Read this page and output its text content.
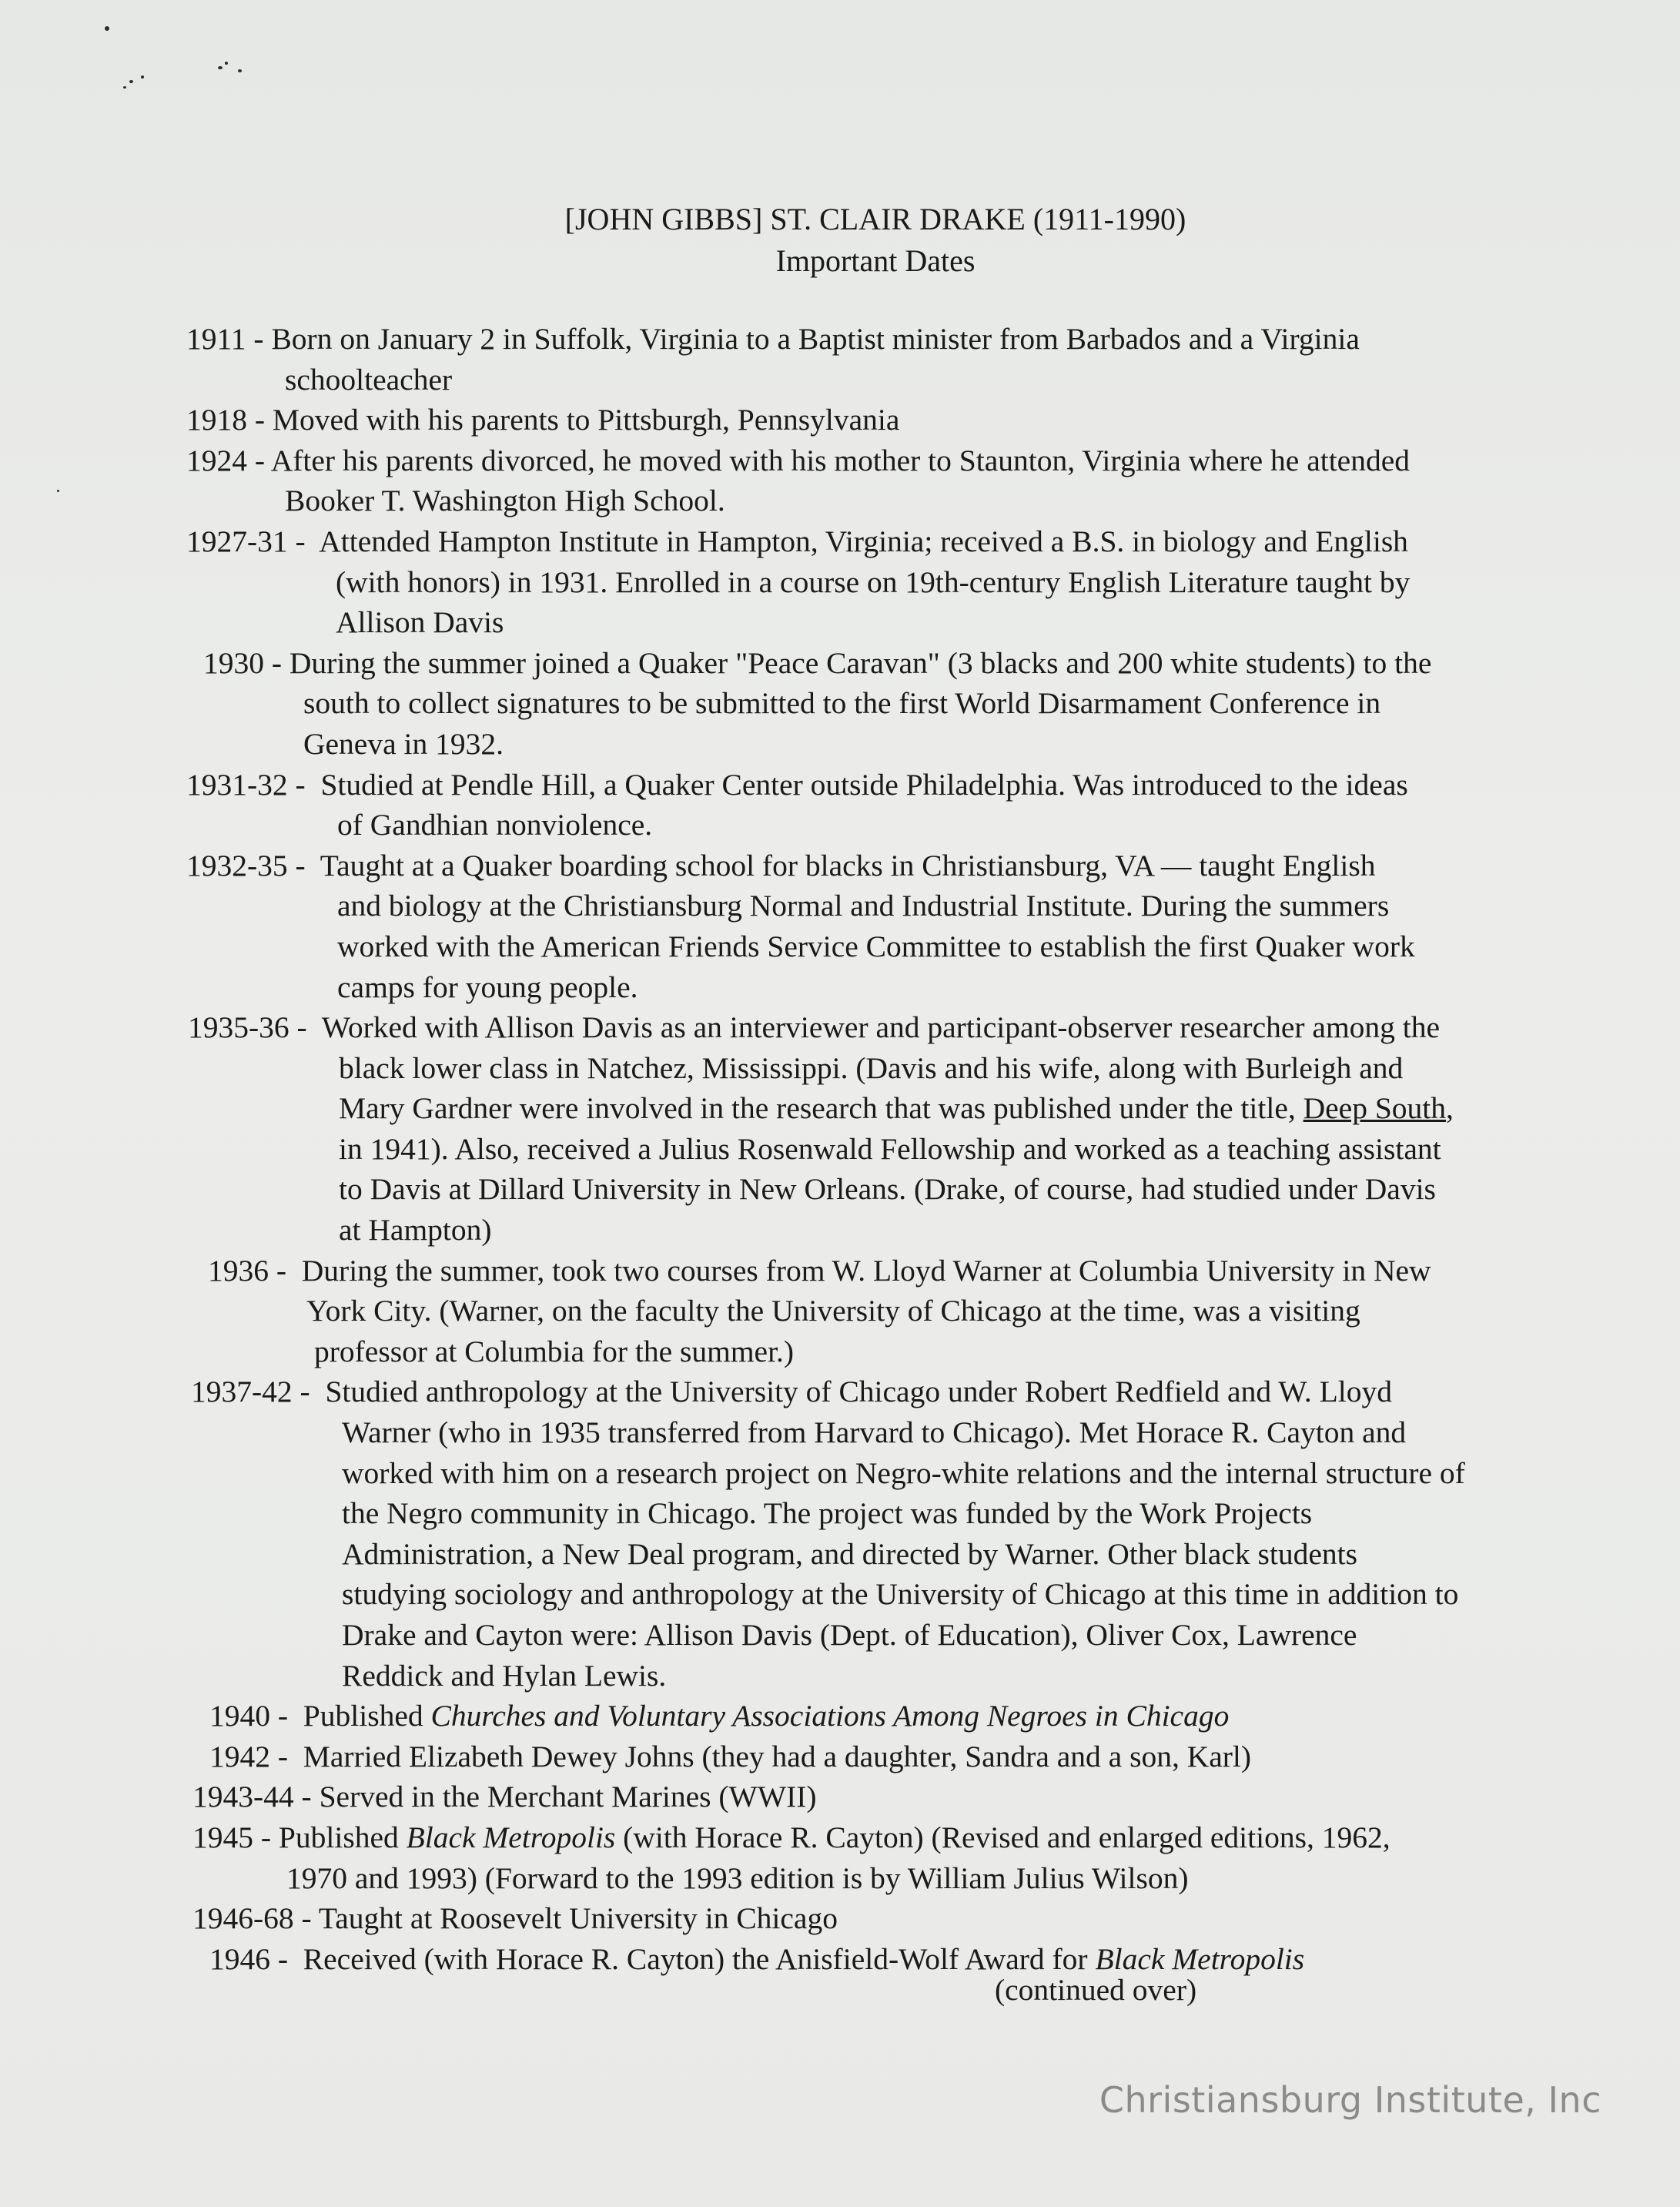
[JOHN GIBBS] ST. CLAIR DRAKE (1911-1990)
Important Dates
1911 - Born on January 2 in Suffolk, Virginia to a Baptist minister from Barbados and a Virginia
schoolteacher
1918 - Moved with his parents to Pittsburgh, Pennsylvania
1924 - After his parents divorced, he moved with his mother to Staunton, Virginia where he attended
Booker T. Washington High School.
1927-31 - Attended Hampton Institute in Hampton, Virginia; received a B.S. in biology and English
(with honors) in 1931. Enrolled in a course on 19th-century English Literature taught by
Allison Davis
1930 - During the summer joined a Quaker "Peace Caravan" (3 blacks and 200 white students) to the
south to collect signatures to be submitted to the first World Disarmament Conference in
Geneva in 1932.
1931-32 - Studied at Pendle Hill, a Quaker Center outside Philadelphia. Was introduced to the ideas
of Gandhian nonviolence.
1932-35 - Taught at a Quaker boarding school for blacks in Christiansburg, VA — taught English
and biology at the Christiansburg Normal and Industrial Institute. During the summers
worked with the American Friends Service Committee to establish the first Quaker work
camps for young people.
1935-36 - Worked with Allison Davis as an interviewer and participant-observer researcher among the
black lower class in Natchez, Mississippi. (Davis and his wife, along with Burleigh and
Mary Gardner were involved in the research that was published under the title, Deep South,
in 1941). Also, received a Julius Rosenwald Fellowship and worked as a teaching assistant
to Davis at Dillard University in New Orleans. (Drake, of course, had studied under Davis
at Hampton)
1936 - During the summer, took two courses from W. Lloyd Warner at Columbia University in New
York City. (Warner, on the faculty the University of Chicago at the time, was a visiting
professor at Columbia for the summer.)
1937-42 - Studied anthropology at the University of Chicago under Robert Redfield and W. Lloyd
Warner (who in 1935 transferred from Harvard to Chicago). Met Horace R. Cayton and
worked with him on a research project on Negro-white relations and the internal structure of
the Negro community in Chicago. The project was funded by the Work Projects
Administration, a New Deal program, and directed by Warner. Other black students
studying sociology and anthropology at the University of Chicago at this time in addition to
Drake and Cayton were: Allison Davis (Dept. of Education), Oliver Cox, Lawrence
Reddick and Hylan Lewis.
1940 - Published Churches and Voluntary Associations Among Negroes in Chicago
1942 - Married Elizabeth Dewey Johns (they had a daughter, Sandra and a son, Karl)
1943-44 - Served in the Merchant Marines (WWII)
1945 - Published Black Metropolis (with Horace R. Cayton) (Revised and enlarged editions, 1962,
1970 and 1993) (Forward to the 1993 edition is by William Julius Wilson)
1946-68 - Taught at Roosevelt University in Chicago
1946 - Received (with Horace R. Cayton) the Anisfield-Wolf Award for Black Metropolis
(continued over)
Christiansburg Institute, Inc
